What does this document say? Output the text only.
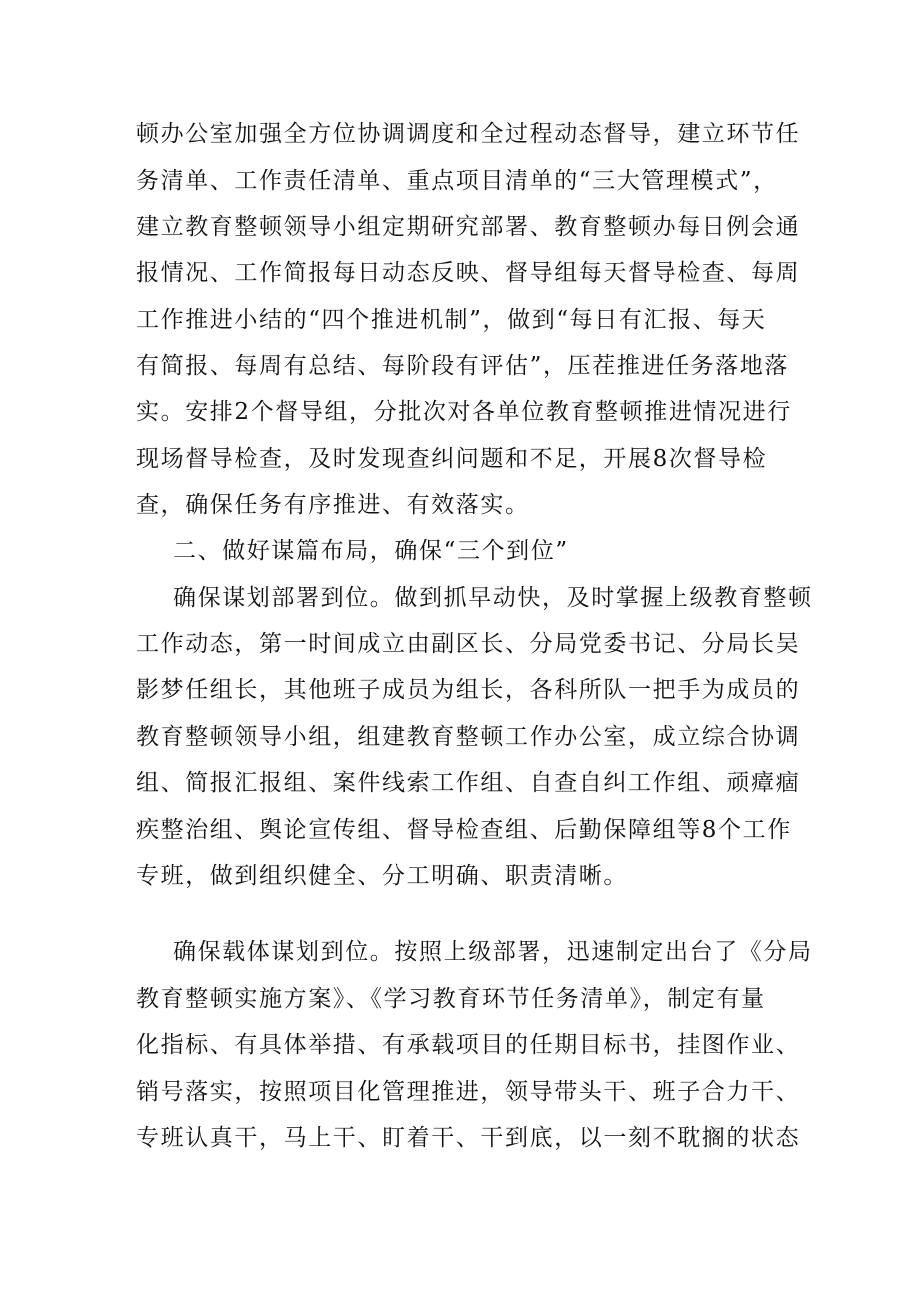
顿办公室加强全方位协调调度和全过程动态督导，建立环节任
务清单、工作责任清单、重点项目清单的“三大管理模式”，
建立教育整顿领导小组定期研究部署、教育整顿办每日例会通
报情况、工作简报每日动态反映、督导组每天督导检查、每周
工作推进小结的“四个推进机制”，做到“每日有汇报、每天
有简报、每周有总结、每阶段有评估”，压茬推进任务落地落
实。安排2个督导组，分批次对各单位教育整顿推进情况进行
现场督导检查，及时发现查纠问题和不足，开展8次督导检
查，确保任务有序推进、有效落实。
二、做好谋篇布局，确保“三个到位”
确保谋划部署到位。做到抓早动快，及时掌握上级教育整顿
工作动态，第一时间成立由副区长、分局党委书记、分局长吴
影梦任组长，其他班子成员为组长，各科所队一把手为成员的
教育整顿领导小组，组建教育整顿工作办公室，成立综合协调
组、简报汇报组、案件线索工作组、自查自纠工作组、顽瘴痼
疾整治组、舆论宣传组、督导检查组、后勤保障组等8个工作
专班，做到组织健全、分工明确、职责清晰。
确保载体谋划到位。按照上级部署，迅速制定出台了《分局
教育整顿实施方案》、《学习教育环节任务清单》，制定有量
化指标、有具体举措、有承载项目的任期目标书，挂图作业、
销号落实，按照项目化管理推进，领导带头干、班子合力干、
专班认真干，马上干、盯着干、干到底，以一刻不耽搁的状态
